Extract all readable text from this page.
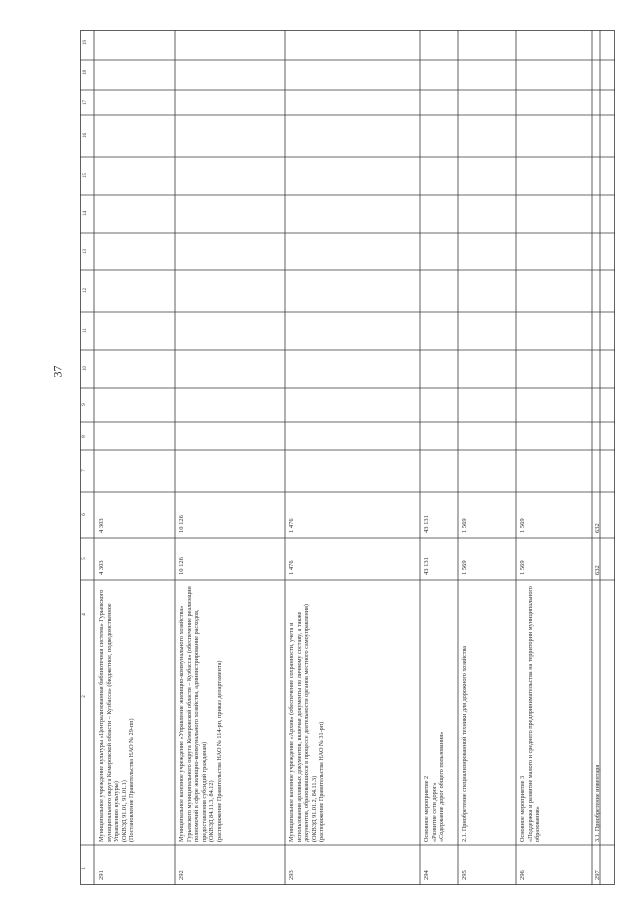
37
19
18
17
16
15
14
13
12
11
10
9
8
7
6
5
4
2
1
291
Муниципальное учреждение культуры «Централизованная библиотечная система» Гурьевского муниципального округа Кемеровской области – Кузбасса» (бюджетное, подведомственное Управлению культуры)
(ОКВЭД 91.01, 91.01.1)
(Постановление Правительства НАО № 29-пп)
4 303
4 303
292
Муниципальное казенное учреждение «Управление жилищно-коммунального хозяйства» Гурьевского муниципального округа Кемеровской области – Кузбасса» (обеспечение реализации полномочий в сфере жилищно-коммунального хозяйства, администрирование расходов, предоставления субсидий гражданам)
(ОКВЭД 84.11.3, 84.12)
(распоряжение Правительства НАО № 114-рп, приказ департамента)
10 126
10 126
293
Муниципальное казенное учреждение «Архив» (обеспечение сохранности, учета и использования архивных документов, включая документы по личному составу, а также документов, образовавшихся в процессе деятельности органов местного самоуправления)
(ОКВЭД 91.01.2, 84.11.3)
(распоряжение Правительства НАО № 31-рп)
1 476
1 476
294
Основное мероприятие 2
«Развитие сети дорог»
«Содержание дорог общего пользования»
43 131
43 131
295
2.1. Приобретение специализированной техники для дорожного хозяйства
1 569
1 569
296
Основное мероприятие 3
«Поддержка и развитие малого и среднего предпринимательства на территории муниципального образования»
1 569
1 569
297
3.1. Приобретение инвентаря
632
632
